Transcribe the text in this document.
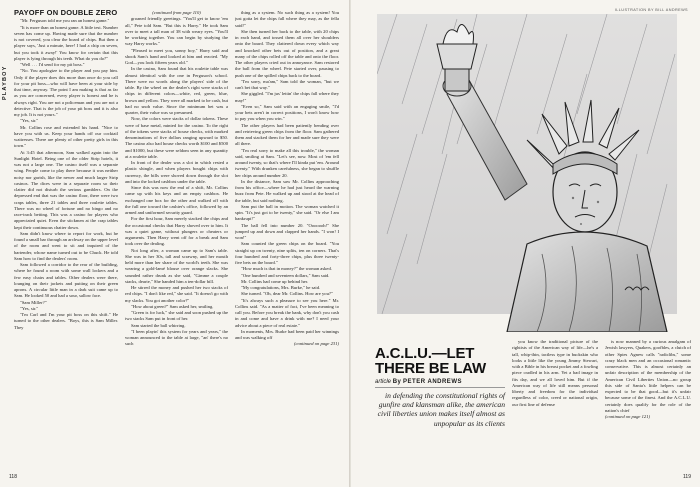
PLAYBOY
PAYOFF ON DOUBLE ZERO

"Mr. Ferguson told me you ran an honest game."

"It is more than an honest game. A little test. Number seven has come up. Having made sure that the number is not covered, you clear the board of chips. But then a player says, 'Just a minute, here! I had a chip on seven, but you took it away!' You know for certain that this player is lying through his teeth. What do you do?"

"Well . . . I'd send for my pit boss."

"No. You apologize to the player and you pay him. Only if the player does this more than once do you call for your pit boss—who will have been at your side by that time, anyway. The point I am making is that as far as you are concerned, every player is honest and he is always right. You are not a policeman and you are not a detective. That is the job of your pit boss and it is also my job. It is not yours."

"Yes, sir."

Mr. Collins rose and extended his hand. "Nice to have you with us. Keep your hands off our cocktail waitresses. There are plenty of other pretty girls in this town."

At 3:45 that afternoon, Sam walked again into the Sunlight Hotel. Being one of the older Strip hotels, it was not a large one. The casino itself was a separate wing. People come to play there because it was neither noisy nor garish, like the newer and much larger Strip casinos. The dices were in a separate room so their clatter did not disturb the serious gamblers. On the depressed end that was the casino floor, there were two craps tables, three 21 tables and three roulette tables. There was no wheel of fortune and no bingo and no race-track betting. This was a casino for players who appreciated quiet. Even the stickmen at the crap tables kept their continuous chatter down.

Sam didn't know where to report for work, but he found a small bar through an archway on the upper level of the room and went to sit and inquired of the bartender, whose name turned out to be Chuck. He told Sam how to find the dealers' room.

Sam followed a corridor to the rear of the building, where he found a room with some wall lockers and a few easy chairs and tables. Other dealers were there, lounging on their jackets and putting on their green aprons. A circular little man in a dark suit came up to Sam. He looked 50 and had a sour, sallow face.

"Sam Miller?"

"Yes, sir."

"I'm Carl and I'm your pit boss on this shift." He turned to the other dealers. "Boys, this is Sam Miller. They

(continued from page 110)

groaned friendly greetings. "You'll get to know 'em all," Pete told Sam. "But this is Harry." He took Sam over to meet a tall man of 38 with weary eyes. "You'll be working together. You can begin by studying the way Harry works."

"Pleased to meet you, sonny boy," Harry said and shook Sam's hand and looked at him and reacted. "My God—you look fifteen years old."

In the casino, Sam found that his roulette table was almost identical with the one in Ferguson's school. There were no words along the players' side of the table. By the wheel on the dealer's right were stacks of chips in different colors—white, red, green, blue, brown and yellow. They were all marked to be cash, but had no snob value. Since the minimum bet was a quarter, their value was so presumed.

Now, the colors were stacks of dollar tokens. These were of base metal, minted for the casino. To the right of the tokens were stacks of house checks, with marked denominations of five dollars ranging upward to $50. The casino also had house checks worth $100 and $500 and $1000, but these were seldom seen in any quantity at a roulette table.

In front of the dealer was a slot in which rested a plastic shingle, and when players bought chips with currency, the bills were shoved down through the slot and into the locked cashbox under the table.

Since this was now the end of a shift, Mr. Collins came up with his keys and an empty cashbox. He exchanged one box for the other and walked off with the full one toward the cashier's office, followed by an armed and uniformed security guard.

For the first hour, Sam merely stacked the chips and the occasional checks that Harry shoved over to him. It was a quiet game, without plungers or cheaters or arguments. Then Harry went off for a break and Sam took over the dealing.

Not long after, a woman came up to Sam's table. She was in her 30s, tall and scrawny, and her mouth held more than her share of the world's teeth. She was wearing a gold-lamé blouse over orange slacks. She sounded rather drunk as she said, "Gimme a couple stacks, dearie," She handed him a ten-dollar bill.

He stirred the money and pushed her two stacks of red chips. "I don't like red," she said. "It doesn't go with my slacks. You got another color?"

"How about green?" Sam asked her, smiling.

"Green is for luck," she said and soon pushed up the two stacks Sam put in front of her.

Sam started the ball whirring.

"I been playin' this system for years and years," the woman announced to the table at large, "an' there's no such

thing as a system. No such thing as a system! You just gotta let the chips fall where they may, as the fella said!"

She then turned her back to the table, with 20 chips in each hand, and tossed them all over her shoulders onto the board. They clattered down every which way and knocked other bets out of position, and a great many of the chips rolled off the table and onto the floor. The other players cried out in annoyance. Sam restored the ball from the wheel. Pete started over, pausing to push one of the spilled chips back to the board.

"I'm sorry, ma'am," Sam told the woman, "but we can't bet that way."

She giggled. "I'm jus' lettin' the chips fall where they may!"

"Even so," Sam said with an engaging smile, "I'd your bets aren't in correct positions, I won't know how to pay you when you win."

The other players had been patiently bending over and retrieving green chips from the floor. Sam gathered them and stacked them for her and made sure they were all there.

"I'm real sorry to make all this trouble," the woman said, smiling at Sam. "Let's see, now. Most of 'em fell around twenty, so that's where I'll kinda put 'em. Around twenty." With drunken carefulness, she began to shuffle her chips around number 20.

In the distance, Sam saw Mr. Collins approaching from his office—where he had just heard the warning buzz from Pete. He walked up and stood at the head of the table, but said nothing.

Sam put the ball in motion. The woman watched it spin. "It's just got to be twenty," she said. "Or else I am bankrupt!"

The ball fell into number 20. "Ooooooh!" She jumped up and down and clapped her hands. "I won! I won!"

Sam counted the green chips on the board. "You straight up on twenty, nine splits, ten on corners. That's four hundred and forty-three chips, plus three twenty-five bets on the board."

"How much is that in money?" the woman asked.

"One hundred and seventeen dollars," Sam said.

Mr. Collins had come up behind her.

"My congratulations, Mrs. Burke," he said.

She turned. "Oh, dear Mr. Collins. How are you?"

"It's always such a pleasure to see you here." Mr. Collins said. "As a matter of fact, I've been meaning to call you. Before you break the bank, why don't you cash in and come and have a drink with me? I need your advice about a piece of real estate."

In moments, Mrs. Burke had been paid her winnings and was walking off

(continued on page 231)
118
ILLUSTRATION BY BILL ANDREWS
119
A.C.L.U.—LET
THERE BE LAW
article By PETER ANDREWS
in defending the constitutional rights of gunfire and klansman alike, the american civil liberties union makes itself almost as unpopular as its clients

you know the traditional picture of the rightists of the American way of life—he's a tall, whip-thin, tactless type in buckskin who looks a little like the young Jimmy Stewart, with a Bible in his breast pocket and a fowling piece cradled in his arm. Yet a bad image in fits day, and we all loved him. But if the American way of life still means personal liberty and freedom for the individual regardless of color, creed or national origin, our first line of defense

is now manned by a curious amalgam of Jewish lawyers, Quakers, goofbles, a clutch of other Spies Agnew calls "radiclibs," some crazy black men and an occasional romantic conservative. This is almost certainly an unfair description of the membership of the American Civil Liberties Union—no group this side of Santa's little helpers can be expected to be that good—but it's unfair because some of the finest. And the A.C.L.U. certainly does qualify for the role of the nation's chief

(continued on page 121)
